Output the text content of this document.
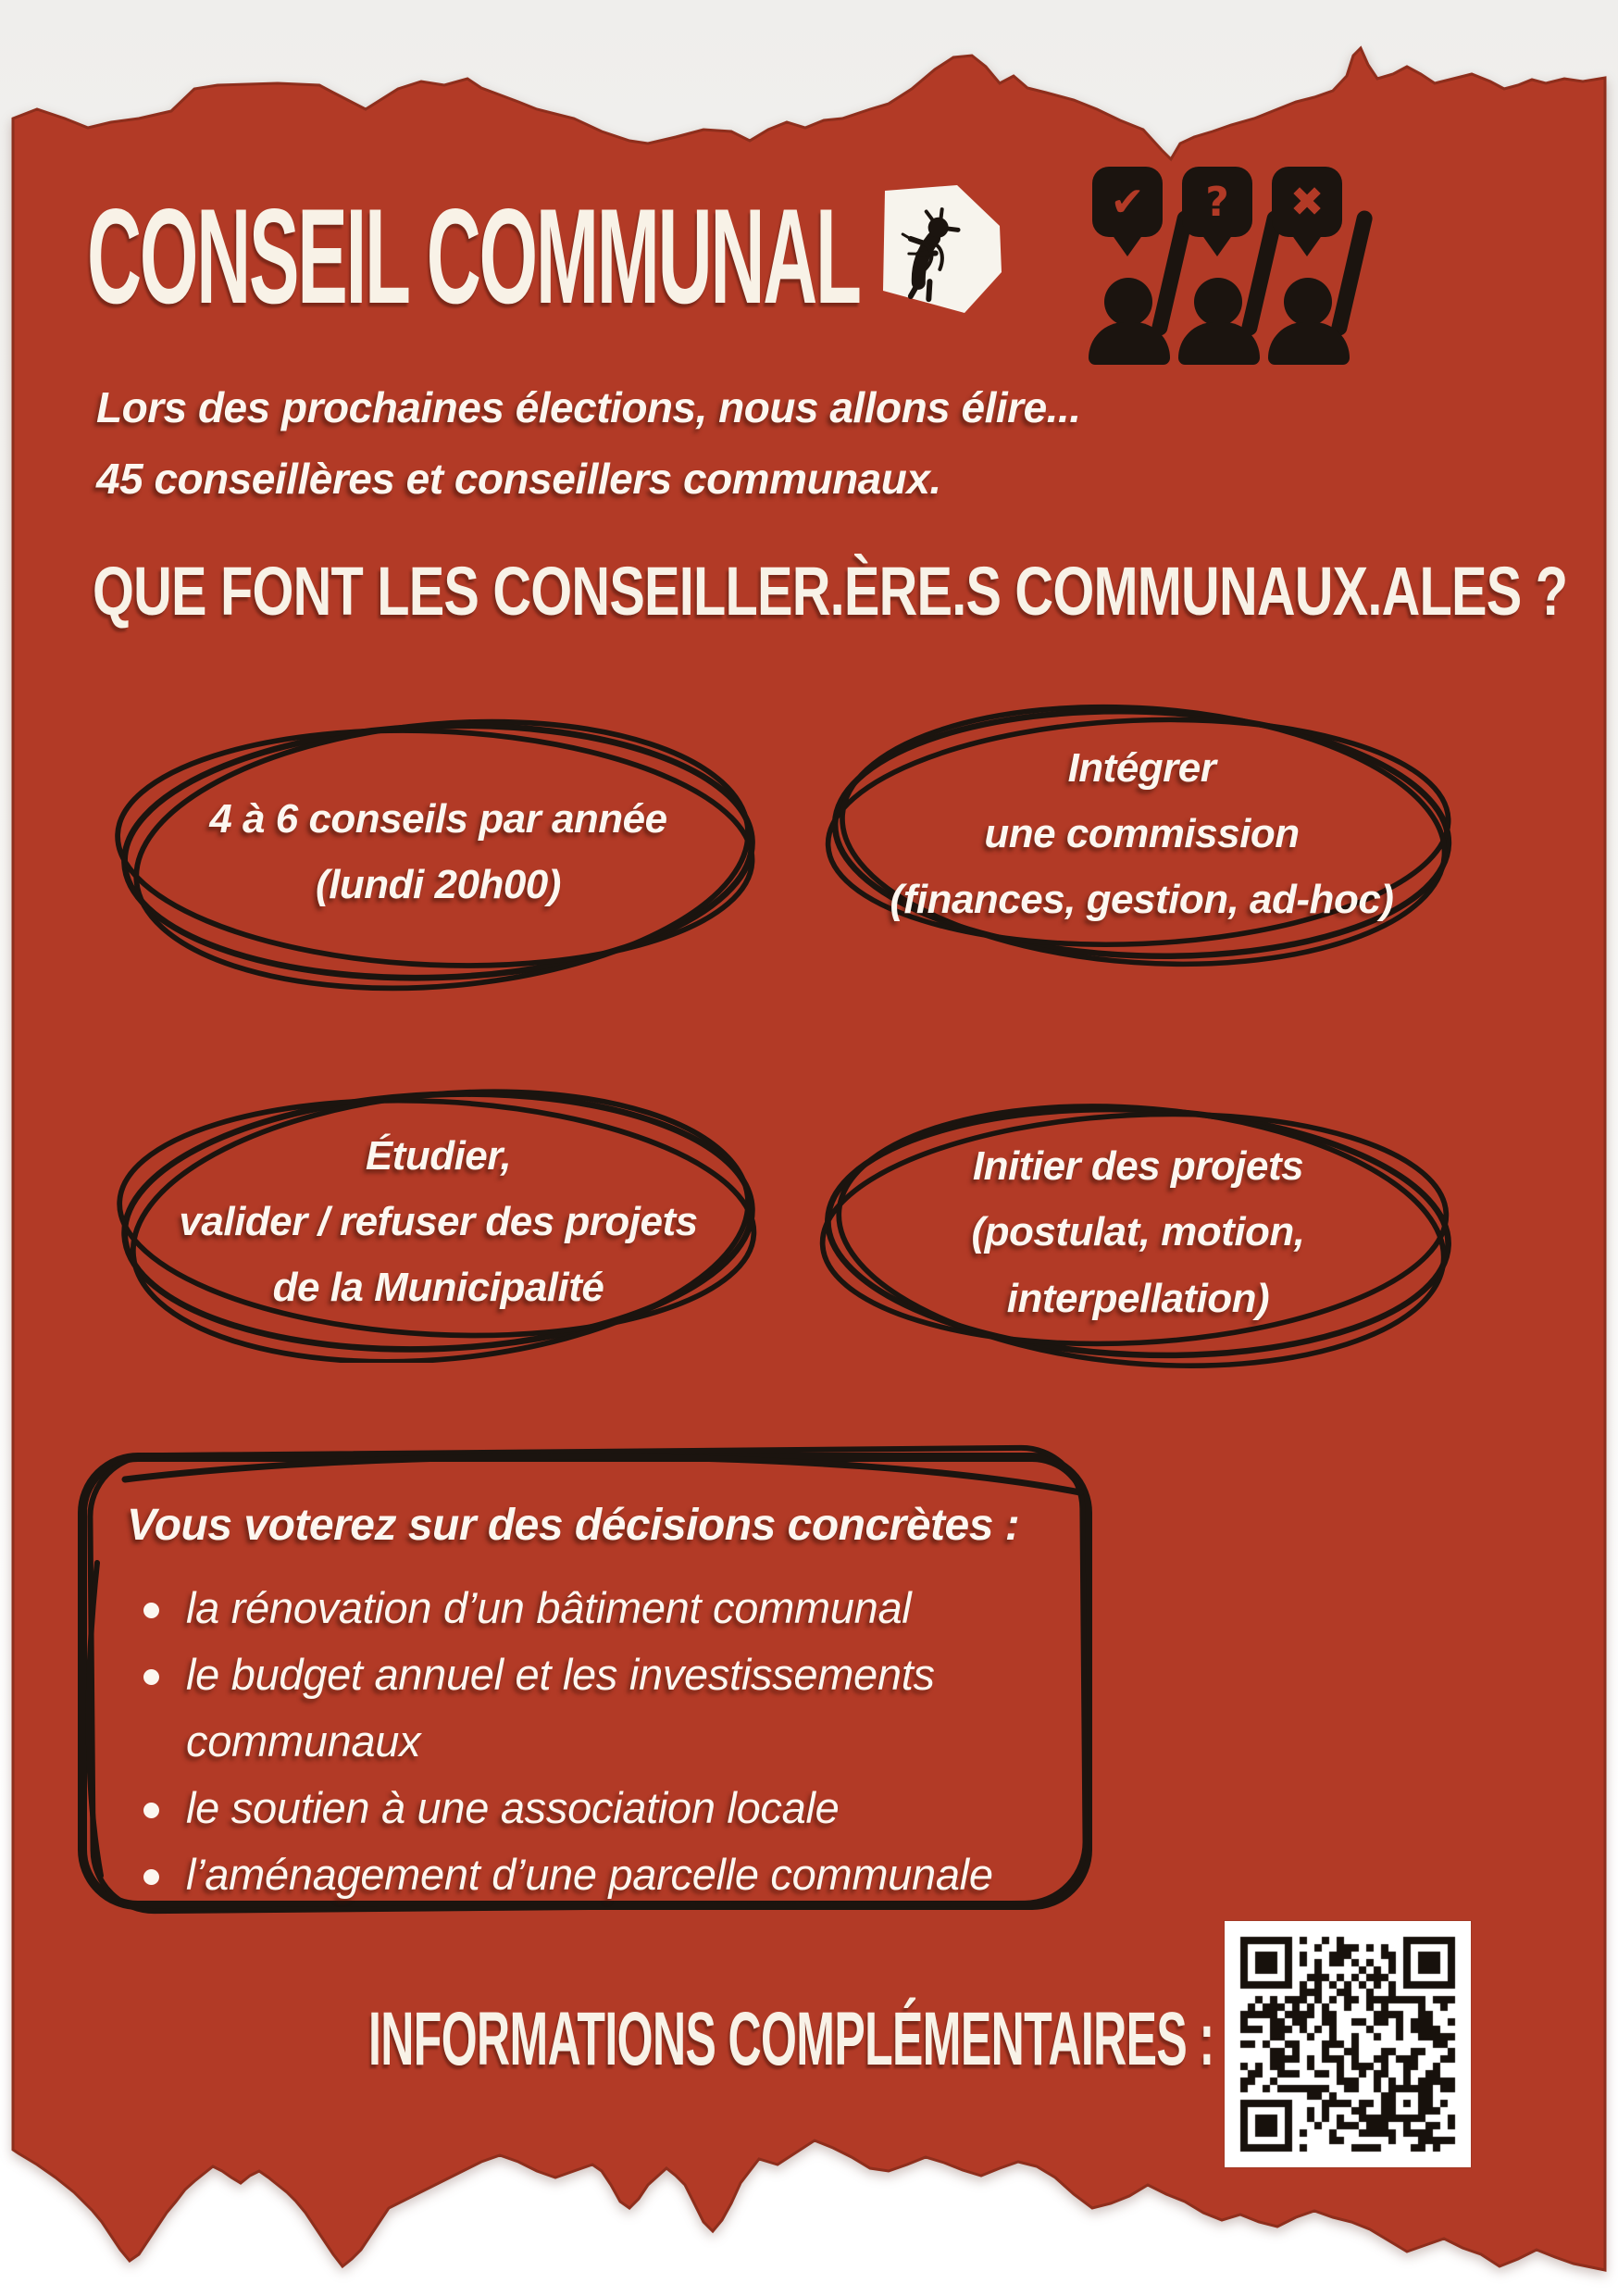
CONSEIL COMMUNAL	✔ ? ✖
Lors des prochaines élections, nous allons élire...
45 conseillères et conseillers communaux.
QUE FONT LES CONSEILLER.ÈRE.S COMMUNAUX.ALES ?
4 à 6 conseils par année
(lundi 20h00)
Intégrer
une commission
(finances, gestion, ad-hoc)
Étudier,
valider / refuser des projets
de la Municipalité
Initier des projets
(postulat, motion,
interpellation)
Vous voterez sur des décisions concrètes :
la rénovation d’un bâtiment communal
le budget annuel et les investissements communaux
le soutien à une association locale
l’aménagement d’une parcelle communale
INFORMATIONS COMPLÉMENTAIRES :
